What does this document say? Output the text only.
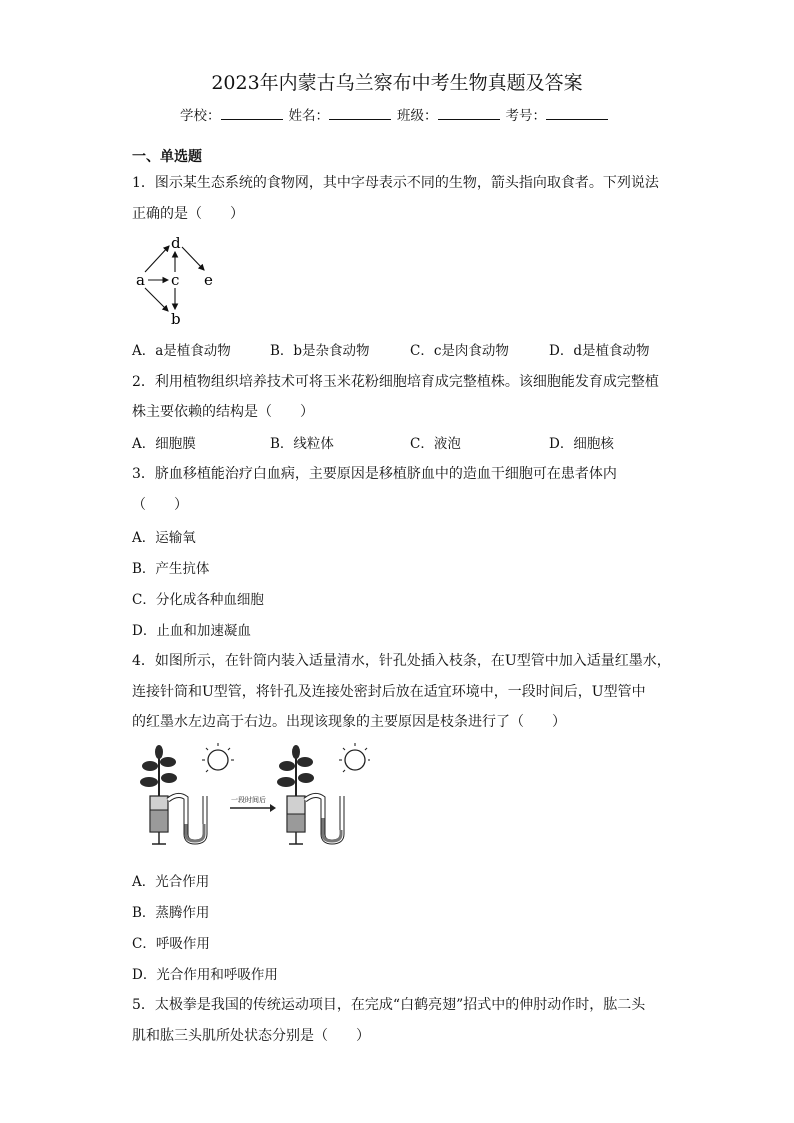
2023年内蒙古乌兰察布中考生物真题及答案
学校：	姓名：	班级：	考号：
一、单选题
1．图示某生态系统的食物网，其中字母表示不同的生物，箭头指向取食者。下列说法
正确的是（　　）
a
b
c
d
e
A．a是植食动物	B．b是杂食动物	C．c是肉食动物	D．d是植食动物
2．利用植物组织培养技术可将玉米花粉细胞培育成完整植株。该细胞能发育成完整植
株主要依赖的结构是（　　）
A．细胞膜	B．线粒体	C．液泡	D．细胞核
3．脐血移植能治疗白血病，主要原因是移植脐血中的造血干细胞可在患者体内
（　　）
A．运输氧
B．产生抗体
C．分化成各种血细胞
D．止血和加速凝血
4．如图所示，在针筒内装入适量清水，针孔处插入枝条，在U型管中加入适量红墨水，
连接针筒和U型管，将针孔及连接处密封后放在适宜环境中，一段时间后，U型管中
的红墨水左边高于右边。出现该现象的主要原因是枝条进行了（　　）
一段时间后
A．光合作用
B．蒸腾作用
C．呼吸作用
D．光合作用和呼吸作用
5．太极拳是我国的传统运动项目，在完成“白鹤亮翅”招式中的伸肘动作时，肱二头
肌和肱三头肌所处状态分别是（　　）
